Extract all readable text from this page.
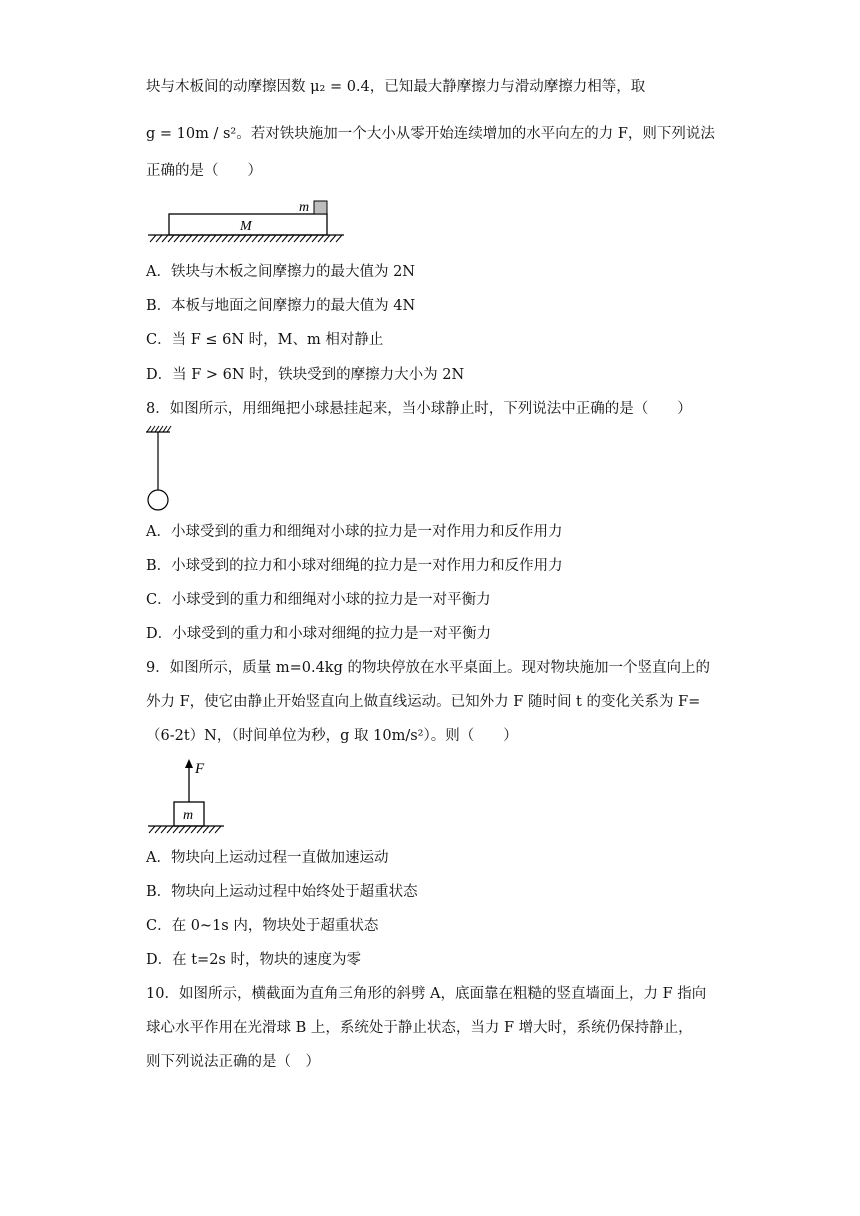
块与木板间的动摩擦因数 μ₂ = 0.4，已知最大静摩擦力与滑动摩擦力相等，取
g = 10m / s²。若对铁块施加一个大小从零开始连续增加的水平向左的力 F，则下列说法
正确的是（　　）
m
M
A．铁块与木板之间摩擦力的最大值为 2N
B．本板与地面之间摩擦力的最大值为 4N
C．当 F ≤ 6N 时，M、m 相对静止
D．当 F > 6N 时，铁块受到的摩擦力大小为 2N
8．如图所示，用细绳把小球悬挂起来，当小球静止时，下列说法中正确的是（　　）
A．小球受到的重力和细绳对小球的拉力是一对作用力和反作用力
B．小球受到的拉力和小球对细绳的拉力是一对作用力和反作用力
C．小球受到的重力和细绳对小球的拉力是一对平衡力
D．小球受到的重力和小球对细绳的拉力是一对平衡力
9．如图所示，质量 m=0.4kg 的物块停放在水平桌面上。现对物块施加一个竖直向上的
外力 F，使它由静止开始竖直向上做直线运动。已知外力 F 随时间 t 的变化关系为 F=
（6-2t）N，（时间单位为秒，g 取 10m/s²）。则（　　）
F
m
A．物块向上运动过程一直做加速运动
B．物块向上运动过程中始终处于超重状态
C．在 0~1s 内，物块处于超重状态
D．在 t=2s 时，物块的速度为零
10．如图所示，横截面为直角三角形的斜劈 A，底面靠在粗糙的竖直墙面上，力 F 指向
球心水平作用在光滑球 B 上，系统处于静止状态，当力 F 增大时，系统仍保持静止，
则下列说法正确的是（　）
